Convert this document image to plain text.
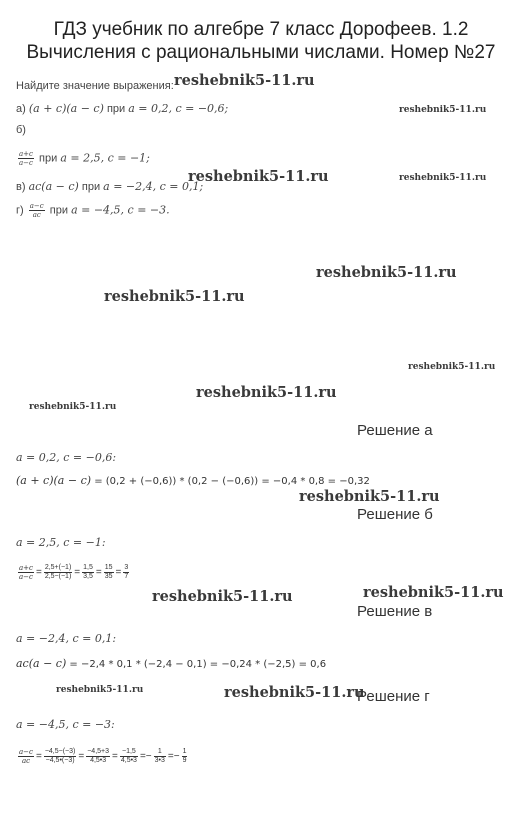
ГДЗ учебник по алгебре 7 класс Дорофеев. 1.2 Вычисления с рациональными числами. Номер №27
Найдите значение выражения:
а) (a + c)(a − c) при a = 0,2, c = −0,6;
б)
$\frac{a+c}{a-c}$ при a = 2,5, c = −1;
в) ac(a − c) при a = −2,4, c = 0,1;
$г) \frac{a-c}{ac}$ при a = −4,5, c = −3.
reshebnik5-11.ru
reshebnik5-11.ru
reshebnik5-11.ru	reshebnik5-11.ru
reshebnik5-11.ru
reshebnik5-11.ru
reshebnik5-11.ru
reshebnik5-11.ru
reshebnik5-11.ru
reshebnik5-11.ru
reshebnik5-11.ru	reshebnik5-11.ru
reshebnik5-11.ru	reshebnik5-11.ru
Решение а
a = 0,2, c = −0,6:
(a + c)(a − c) = (0,2 + (−0,6)) * (0,2 − (−0,6)) = −0,4 * 0,8 = −0,32
Решение б
a = 2,5, c = −1:
$\frac{a+c}{a-c} = \frac{2,5+(-1)}{2,5-(-1)} = \frac{1,5}{3,5} = \frac{15}{35} = \frac{3}{7}$
Решение в
a = −2,4, c = 0,1:
ac(a − c) = −2,4 * 0,1 * (−2,4 − 0,1) = −0,24 * (−2,5) = 0,6
Решение г
a = −4,5, c = −3:
$\frac{a-c}{ac} = \frac{-4,5-(-3)}{-4,5•(-3)} = \frac{-4,5+3}{4,5•3} = \frac{-1,5}{4,5•3}$ = − $\frac{1}{3•3}$ = − $\frac{1}{9}$
